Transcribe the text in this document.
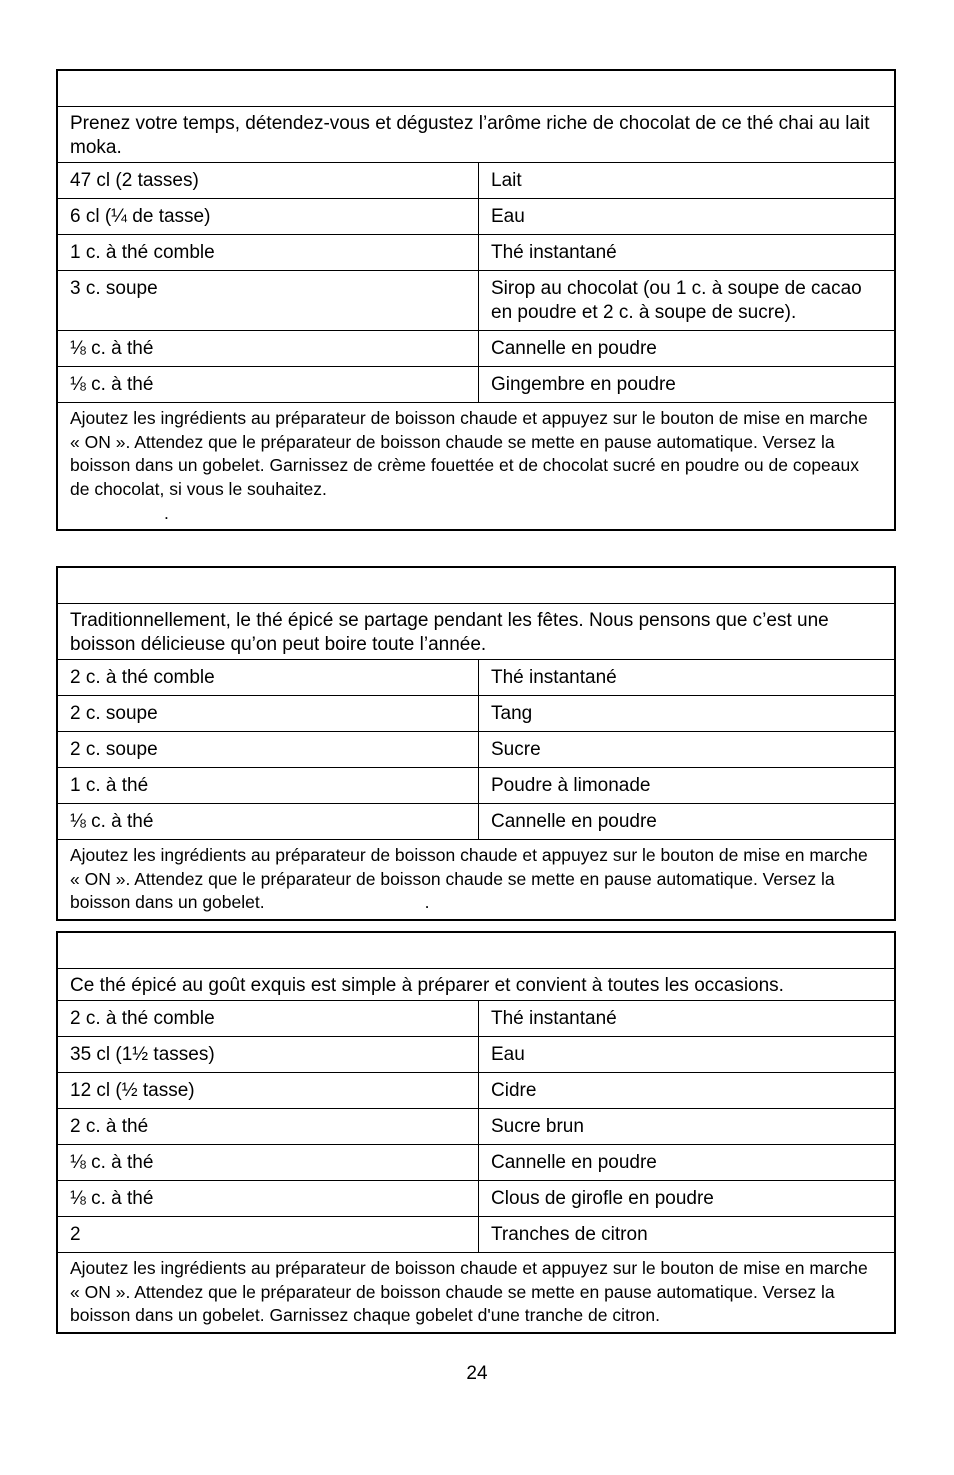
Prenez votre temps, détendez-vous et dégustez l’arôme riche de chocolat de ce thé chai au lait moka.
47 cl (2 tasses)	Lait
6 cl (¼ de tasse)	Eau
1 c. à thé comble	Thé instantané
3 c. soupe	Sirop au chocolat (ou 1 c. à soupe de cacao en poudre et 2 c. à soupe de sucre).
⅛ c. à thé	Cannelle en poudre
⅛ c. à thé	Gingembre en poudre
Ajoutez les ingrédients au préparateur de boisson chaude et appuyez sur le bouton de mise en marche « ON ». Attendez que le préparateur de boisson chaude se mette en pause automatique. Versez la boisson dans un gobelet. Garnissez de crème fouettée et de chocolat sucré en poudre ou de copeaux de chocolat, si vous le souhaitez.
.
Traditionnellement, le thé épicé se partage pendant les fêtes. Nous pensons que c’est une boisson délicieuse qu’on peut boire toute l’année.
2 c. à thé comble	Thé instantané
2 c. soupe	Tang
2 c. soupe	Sucre
1 c. à thé	Poudre à limonade
⅛ c. à thé	Cannelle en poudre
Ajoutez les ingrédients au préparateur de boisson chaude et appuyez sur le bouton de mise en marche « ON ». Attendez que le préparateur de boisson chaude se mette en pause automatique. Versez la boisson dans un gobelet.	.
Ce thé épicé au goût exquis est simple à préparer et convient à toutes les occasions.
2 c. à thé comble	Thé instantané
35 cl (1½ tasses)	Eau
12 cl (½ tasse)	Cidre
2 c. à thé	Sucre brun
⅛ c. à thé	Cannelle en poudre
⅛ c. à thé	Clous de girofle en poudre
2	Tranches de citron
Ajoutez les ingrédients au préparateur de boisson chaude et appuyez sur le bouton de mise en marche « ON ». Attendez que le préparateur de boisson chaude se mette en pause automatique. Versez la boisson dans un gobelet. Garnissez chaque gobelet d'une tranche de citron.
24
